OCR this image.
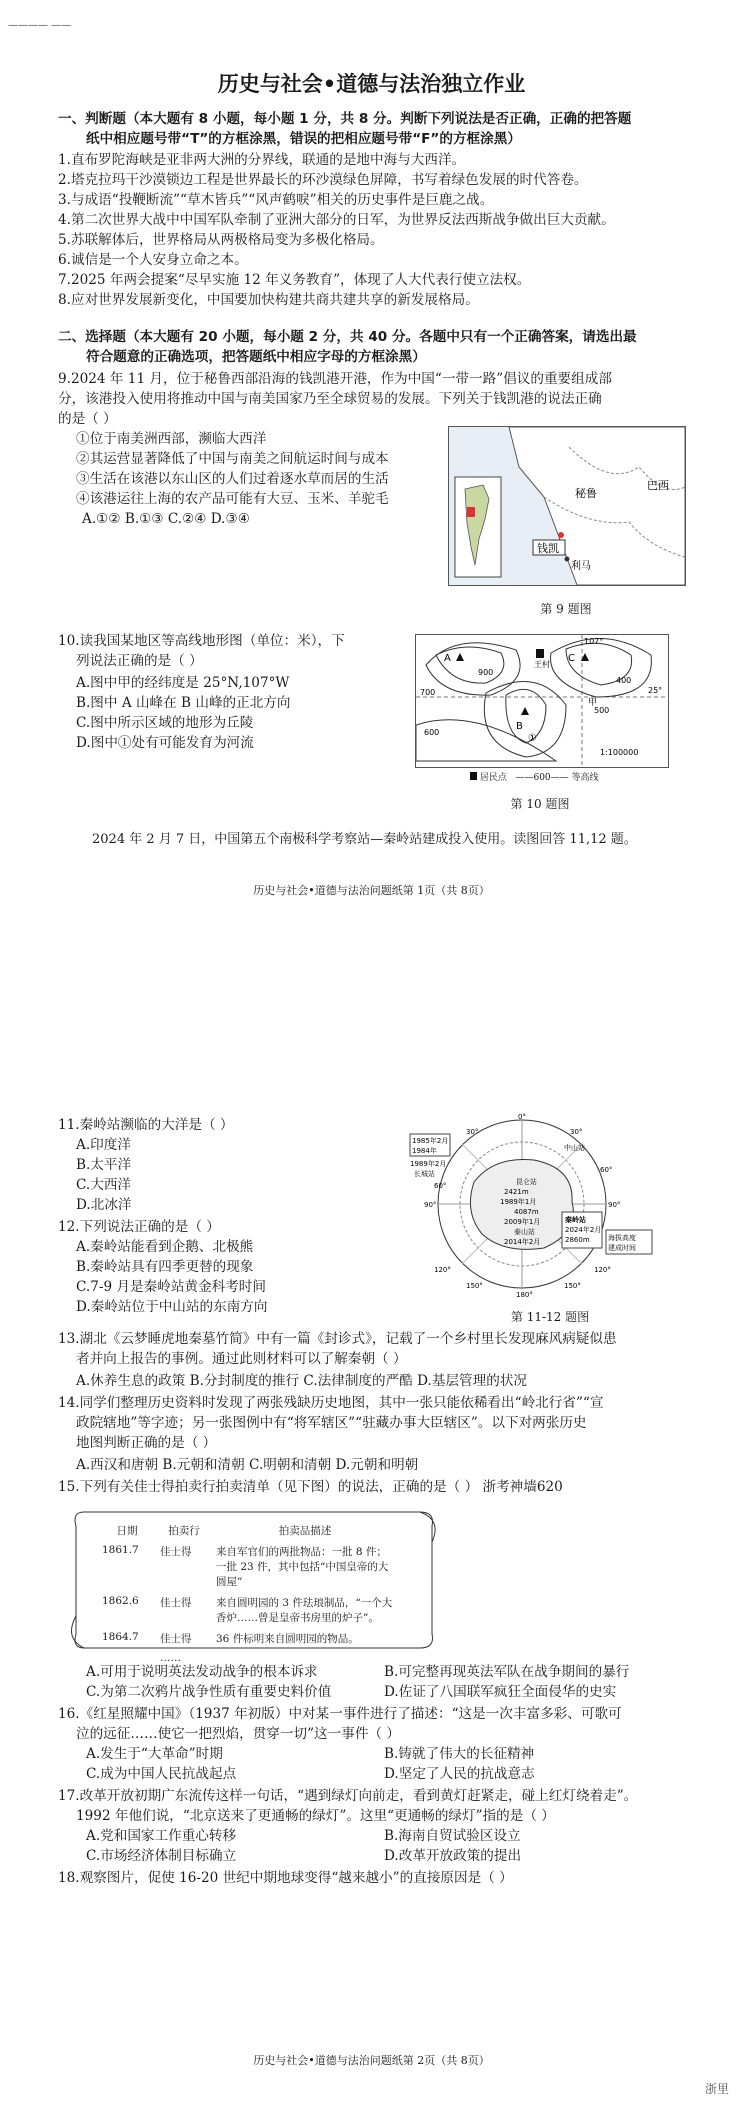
———— ——
历史与社会•道德与法治独立作业
一、判断题（本大题有 8 小题，每小题 1 分，共 8 分。判断下列说法是否正确，正确的把答题
纸中相应题号带“T”的方框涂黑，错误的把相应题号带“F”的方框涂黑）
1.直布罗陀海峡是亚非两大洲的分界线，联通的是地中海与大西洋。
2.塔克拉玛干沙漠锁边工程是世界最长的环沙漠绿色屏障，书写着绿色发展的时代答卷。
3.与成语“投鞭断流”“草木皆兵”“风声鹤唳”相关的历史事件是巨鹿之战。
4.第二次世界大战中中国军队牵制了亚洲大部分的日军，为世界反法西斯战争做出巨大贡献。
5.苏联解体后，世界格局从两极格局变为多极化格局。
6.诚信是一个人安身立命之本。
7.2025 年两会提案“尽早实施 12 年义务教育”，体现了人大代表行使立法权。
8.应对世界发展新变化，中国要加快构建共商共建共享的新发展格局。
二、选择题（本大题有 20 小题，每小题 2 分，共 40 分。各题中只有一个正确答案，请选出最
符合题意的正确选项，把答题纸中相应字母的方框涂黑）
9.2024 年 11 月，位于秘鲁西部沿海的钱凯港开港，作为中国“一带一路”倡议的重要组成部
分，该港投入使用将推动中国与南美国家乃至全球贸易的发展。下列关于钱凯港的说法正确
的是（ ）
①位于南美洲西部，濒临大西洋
②其运营显著降低了中国与南美之间航运时间与成本
③生活在该港以东山区的人们过着逐水草而居的生活
④该港运往上海的农产品可能有大豆、玉米、羊驼毛
A.①② B.①③ C.②④ D.③④
秘鲁
巴西
钱凯
利马
第 9 题图
10.读我国某地区等高线地形图（单位：米），下
列说法正确的是（ ）
A.图中甲的经纬度是 25°N,107°W
B.图中 A 山峰在 B 山峰的正北方向
C.图中所示区域的地形为丘陵
D.图中①处有可能发育为河流
A	C
B
甲
①
王村
107°
25°
900
700
600
500
400
1:100000
居民点 ——600—— 等高线
第 10 题图
2024 年 2 月 7 日，中国第五个南极科学考察站—秦岭站建成投入使用。读图回答 11,12 题。
历史与社会•道德与法治问题纸第 1页（共 8页）
11.秦岭站濒临的大洋是（ ）
A.印度洋
B.太平洋
C.大西洋
D.北冰洋
12.下列说法正确的是（ ）
A.秦岭站能看到企鹅、北极熊
B.秦岭站具有四季更替的现象
C.7-9 月是秦岭站黄金科考时间
D.秦岭站位于中山站的东南方向
1985年2月
1984年
1989年2月
长城站
中山站
昆仑站
2421m
1989年1月
4087m
2009年1月
泰山站
2014年2月
秦岭站
2024年2月
2860m	海拔高度
建成时间
0°
30°
60°
90°
120°
150°
180°
150°
120°
90°
60°
30°
第 11-12 题图
13.湖北《云梦睡虎地秦墓竹简》中有一篇《封诊式》，记载了一个乡村里长发现麻风病疑似患
者并向上报告的事例。通过此则材料可以了解秦朝（ ）
A.休养生息的政策 B.分封制度的推行 C.法律制度的严酷 D.基层管理的状况
14.同学们整理历史资料时发现了两张残缺历史地图，其中一张只能依稀看出“岭北行省”“宣
政院辖地”等字迹；另一张图例中有“将军辖区”“驻藏办事大臣辖区”。以下对两张历史
地图判断正确的是（ ）
A.西汉和唐朝 B.元朝和清朝 C.明朝和清朝 D.元朝和明朝
15.下列有关佳士得拍卖行拍卖清单（见下图）的说法，正确的是（ ） 浙考神墙620
日期	拍卖行	拍卖品描述
1861.7	佳士得	来自军官们的两批物品：一批 8 件；一批 23 件，其中包括“中国皇帝的大圆屋”
1862.6	佳士得	来自圆明园的 3 件珐琅制品，“一个大香炉……曾是皇帝书房里的炉子”。
1864.7	佳士得	36 件标明来自圆明园的物品。
	……	
A.可用于说明英法发动战争的根本诉求	B.可完整再现英法军队在战争期间的暴行
C.为第二次鸦片战争性质有重要史料价值	D.佐证了八国联军疯狂全面侵华的史实
16.《红星照耀中国》（1937 年初版）中对某一事件进行了描述：“这是一次丰富多彩、可歌可
泣的远征……使它一把烈焰，贯穿一切”这一事件（ ）
A.发生于“大革命”时期	B.铸就了伟大的长征精神
C.成为中国人民抗战起点	D.坚定了人民的抗战意志
17.改革开放初期广东流传这样一句话，“遇到绿灯向前走，看到黄灯赶紧走，碰上红灯绕着走”。
1992 年他们说，“北京送来了更通畅的绿灯”。这里“更通畅的绿灯”指的是（ ）
A.党和国家工作重心转移	B.海南自贸试验区设立
C.市场经济体制目标确立	D.改革开放政策的提出
18.观察图片，促使 16-20 世纪中期地球变得“越来越小”的直接原因是（ ）
历史与社会•道德与法治问题纸第 2页（共 8页）
浙里
